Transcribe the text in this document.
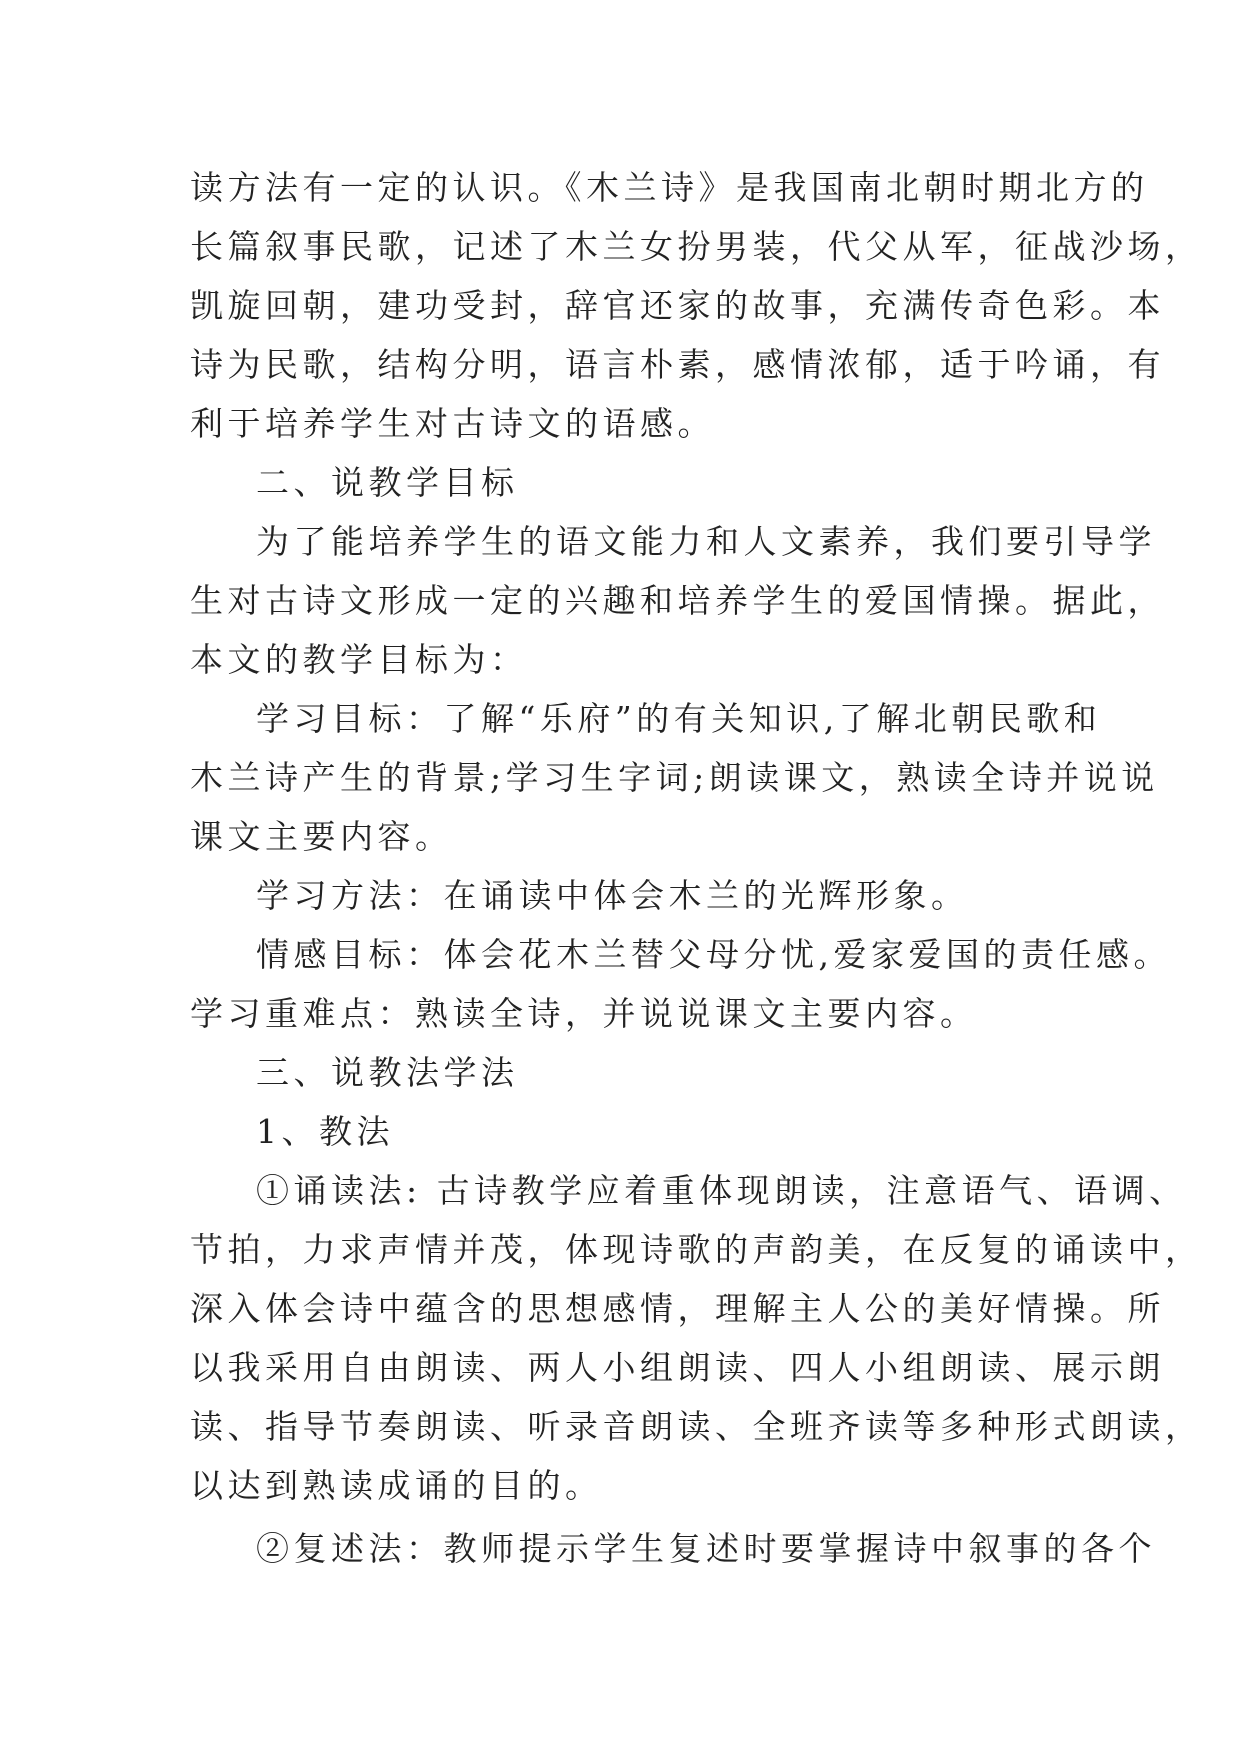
读方法有一定的认识。《木兰诗》是我国南北朝时期北方的
长篇叙事民歌，记述了木兰女扮男装，代父从军，征战沙场，
凯旋回朝，建功受封，辞官还家的故事，充满传奇色彩。本
诗为民歌，结构分明，语言朴素，感情浓郁，适于吟诵，有
利于培养学生对古诗文的语感。
二、说教学目标
为了能培养学生的语文能力和人文素养，我们要引导学
生对古诗文形成一定的兴趣和培养学生的爱国情操。据此，
本文的教学目标为：
学习目标：了解“乐府”的有关知识,了解北朝民歌和
木兰诗产生的背景;学习生字词;朗读课文，熟读全诗并说说
课文主要内容。
学习方法：在诵读中体会木兰的光辉形象。
情感目标：体会花木兰替父母分忧,爱家爱国的责任感。
学习重难点：熟读全诗，并说说课文主要内容。
三、说教法学法
1、教法
①诵读法: 古诗教学应着重体现朗读，注意语气、语调、
节拍，力求声情并茂，体现诗歌的声韵美，在反复的诵读中，
深入体会诗中蕴含的思想感情，理解主人公的美好情操。所
以我采用自由朗读、两人小组朗读、四人小组朗读、展示朗
读、指导节奏朗读、听录音朗读、全班齐读等多种形式朗读，
以达到熟读成诵的目的。
②复述法：教师提示学生复述时要掌握诗中叙事的各个
